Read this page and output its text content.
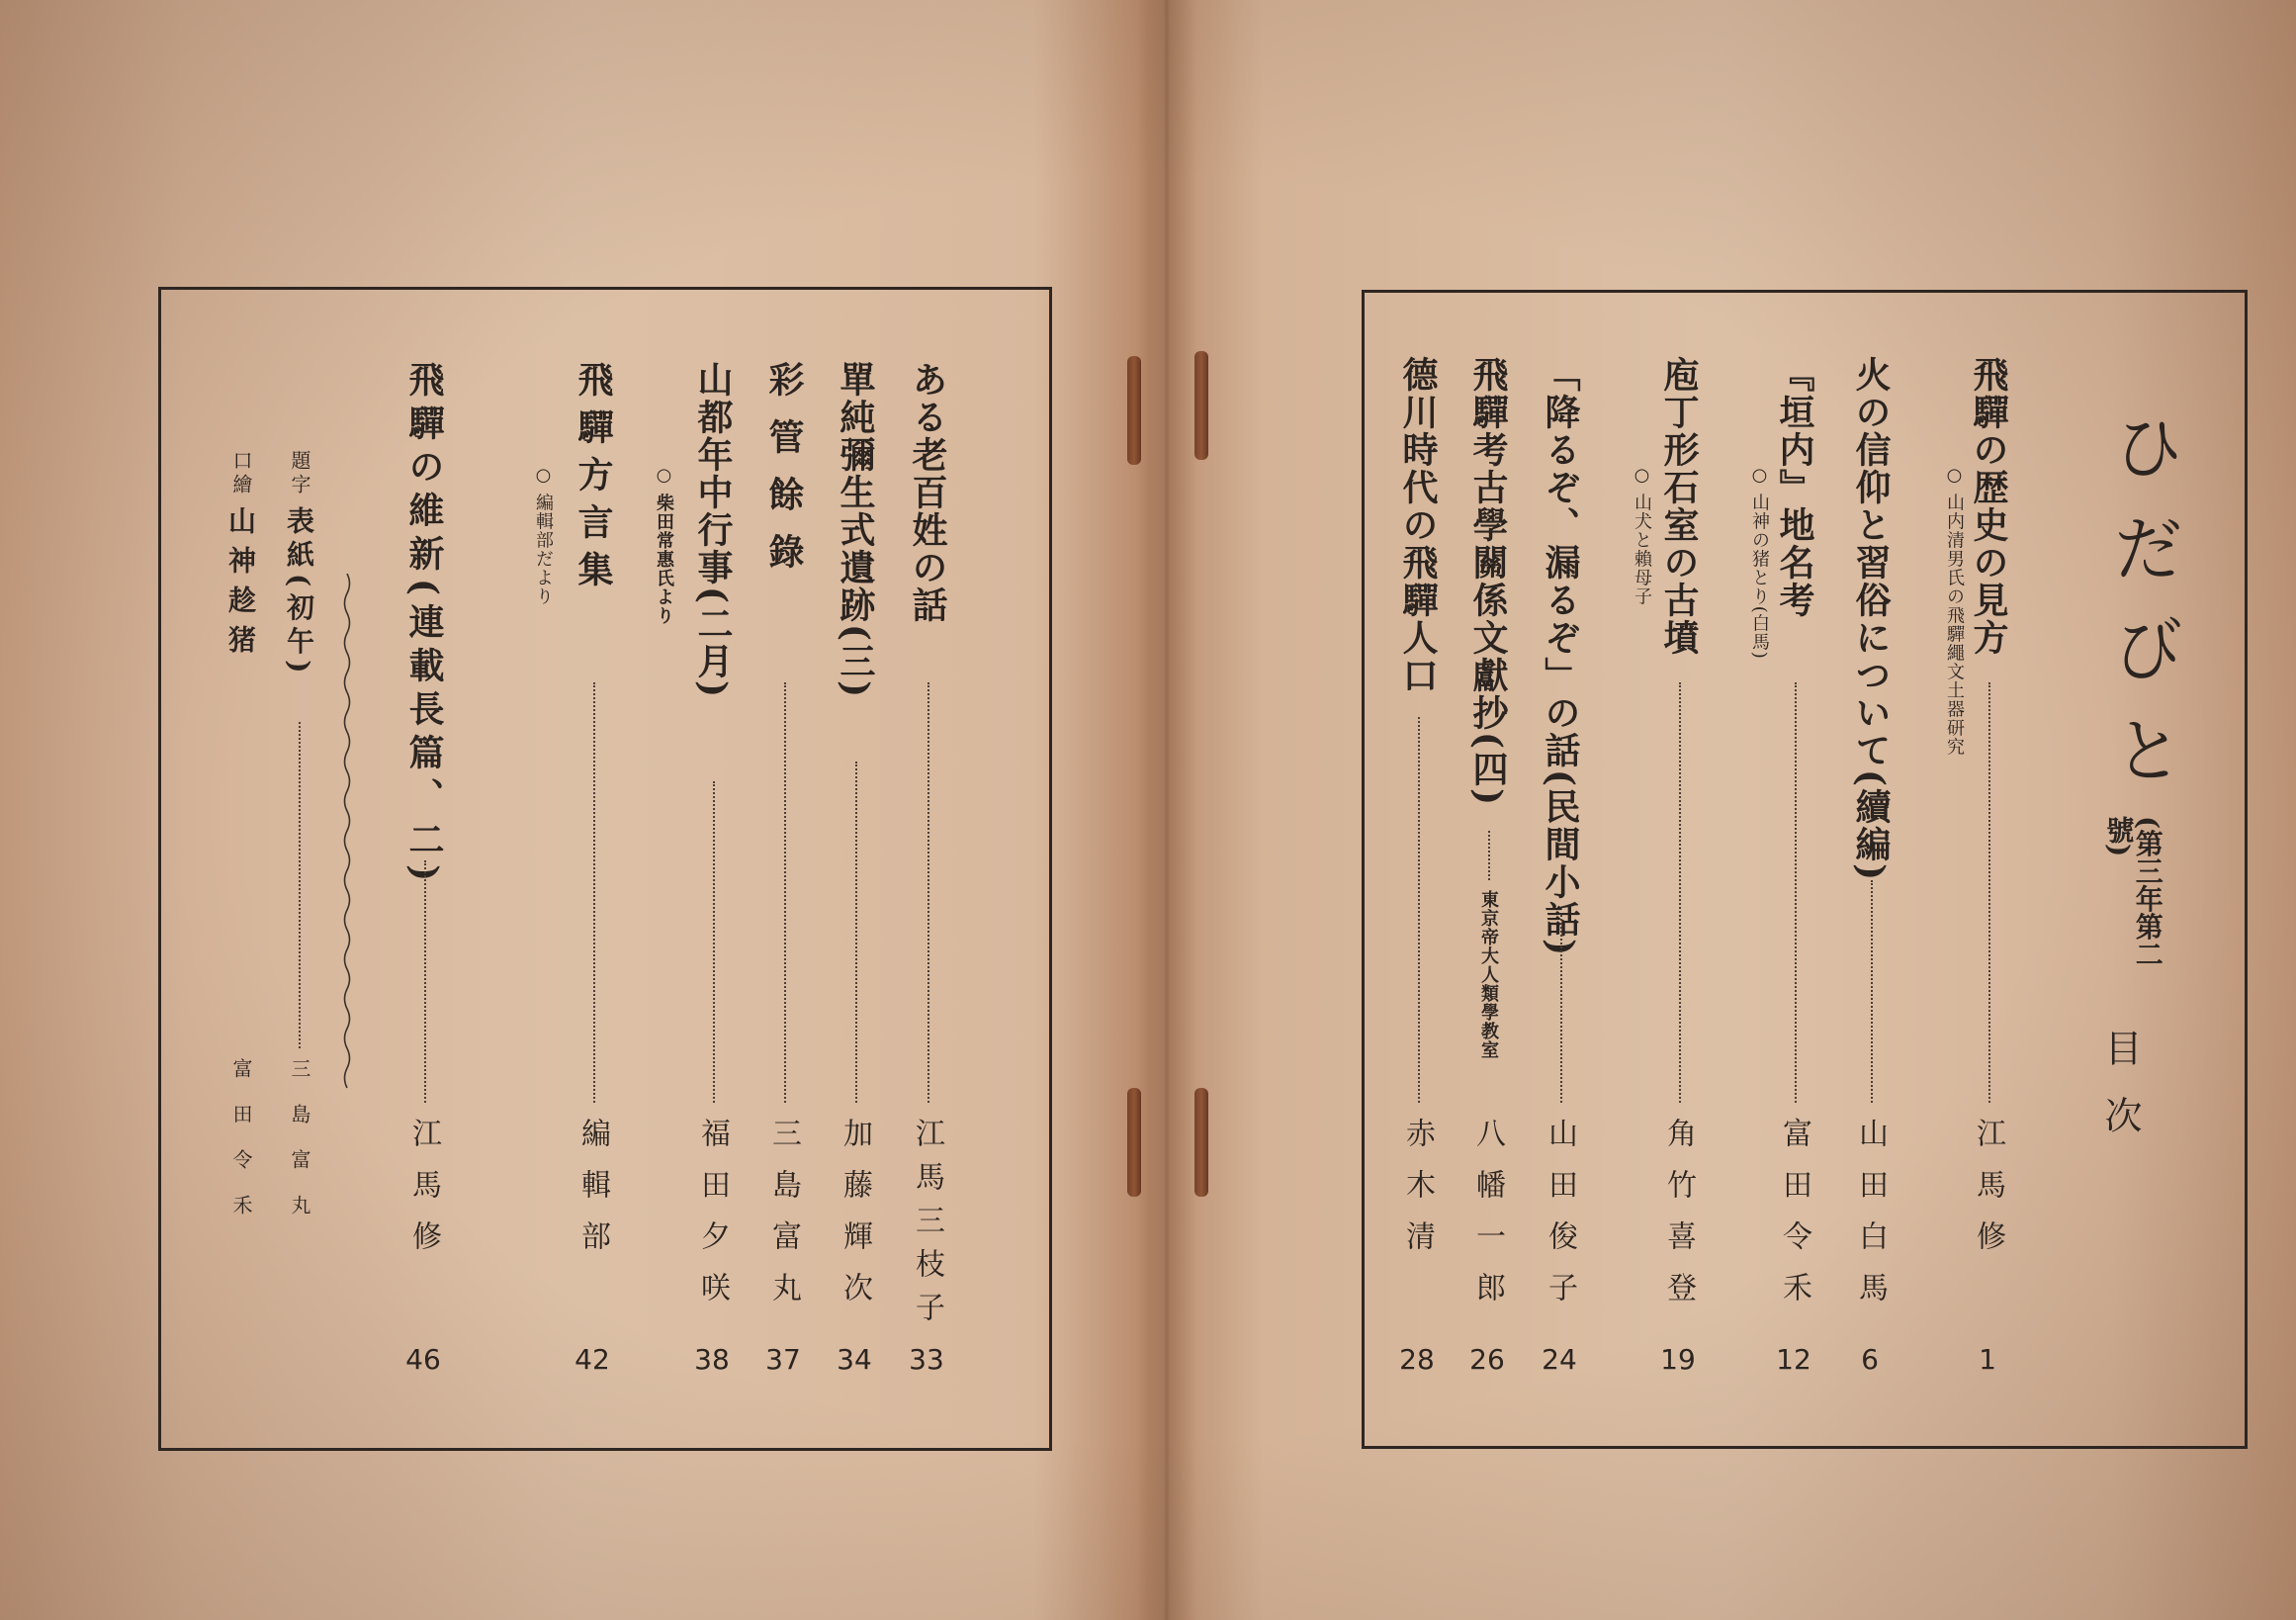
ひだびと
(第三年第二號)
目次
飛驒の歴史の見方
○ 山内清男氏の飛驒繩文土器研究
江馬修
1
火の信仰と習俗について(續編)
山田白馬
6
『垣内』地名考
○ 山神の猪とり(白馬)
富田令禾
12
庖丁形石室の古墳
○ 山犬と賴母子
角竹喜登
19
「降るぞ、漏るぞ」の話(民間小話)
山田俊子
24
飛驒考古學關係文獻抄(四)
東京帝大人類學教室
八幡一郎
26
德川時代の飛驒人口
赤木清
28
ある老百姓の話
江馬三枝子
33
單純彌生式遺跡(三)
加藤輝次
34
彩管餘錄
三島富丸
37
山都年中行事(二月)
○ 柴田常惠氏より
福田夕咲
38
飛驒方言集
○ 編輯部だより
編輯部
42
飛驒の維新(連載長篇、二)
江馬修
46
題字
表紙(初午)
三島富丸
口繪
山神趁猪
富田令禾
